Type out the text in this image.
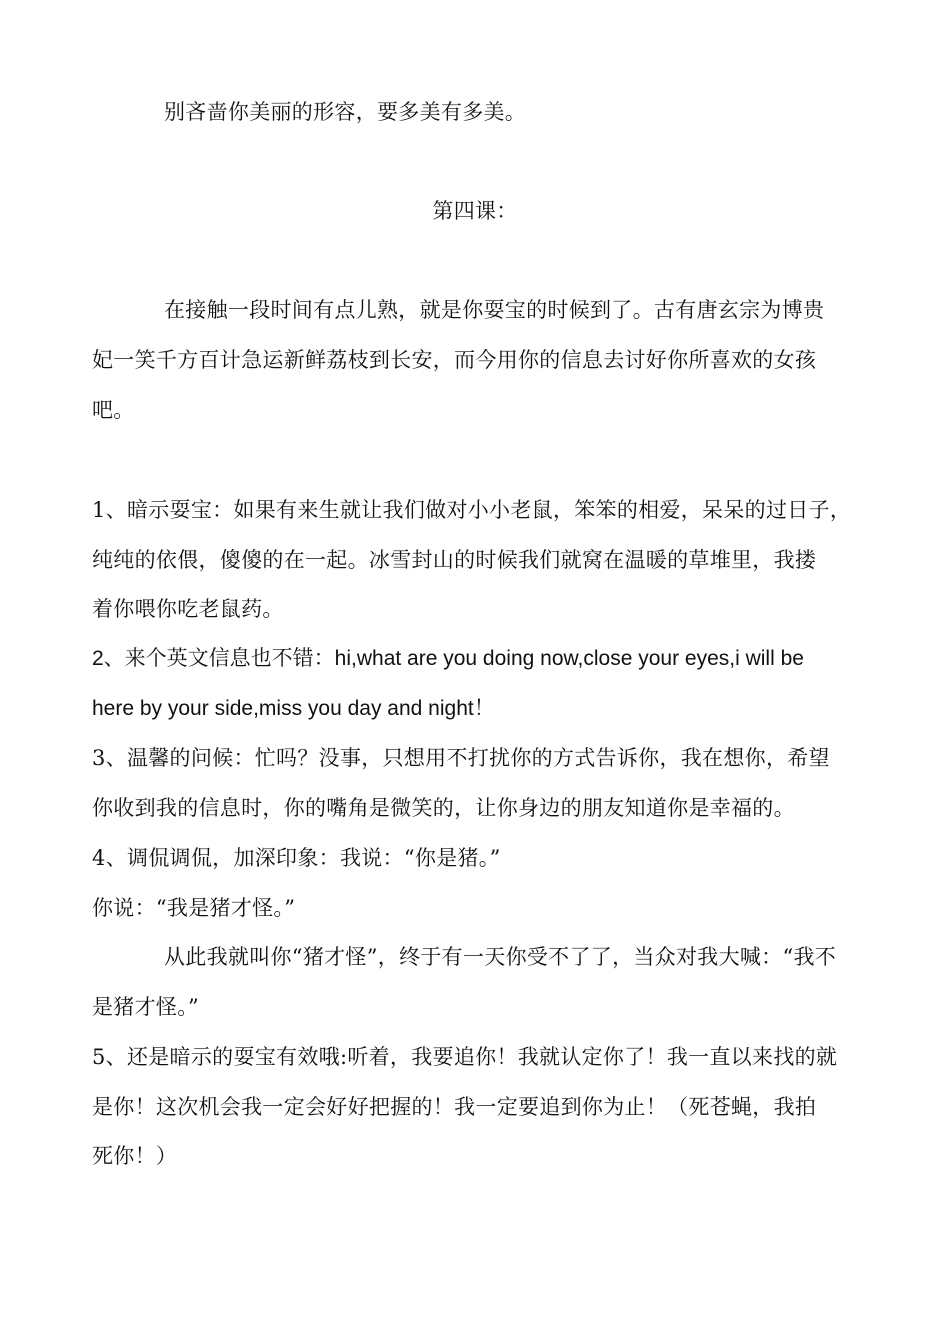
别吝啬你美丽的形容，要多美有多美。
第四课：
在接触一段时间有点儿熟，就是你耍宝的时候到了。古有唐玄宗为博贵
妃一笑千方百计急运新鲜荔枝到长安，而今用你的信息去讨好你所喜欢的女孩
吧。
1、暗示耍宝：如果有来生就让我们做对小小老鼠，笨笨的相爱，呆呆的过日子，
纯纯的依偎，傻傻的在一起。冰雪封山的时候我们就窝在温暖的草堆里，我搂
着你喂你吃老鼠药。
2、来个英文信息也不错：hi,what are you doing now,close your eyes,i will be
here by your side,miss you day and night！
3、温馨的问候：忙吗？没事，只想用不打扰你的方式告诉你，我在想你，希望
你收到我的信息时，你的嘴角是微笑的，让你身边的朋友知道你是幸福的。
4、调侃调侃，加深印象：我说：“你是猪。”
你说：“我是猪才怪。”
从此我就叫你“猪才怪”，终于有一天你受不了了，当众对我大喊：“我不
是猪才怪。”
5、还是暗示的耍宝有效哦:听着，我要追你！我就认定你了！我一直以来找的就
是你！这次机会我一定会好好把握的！我一定要追到你为止！（死苍蝇，我拍
死你！）
